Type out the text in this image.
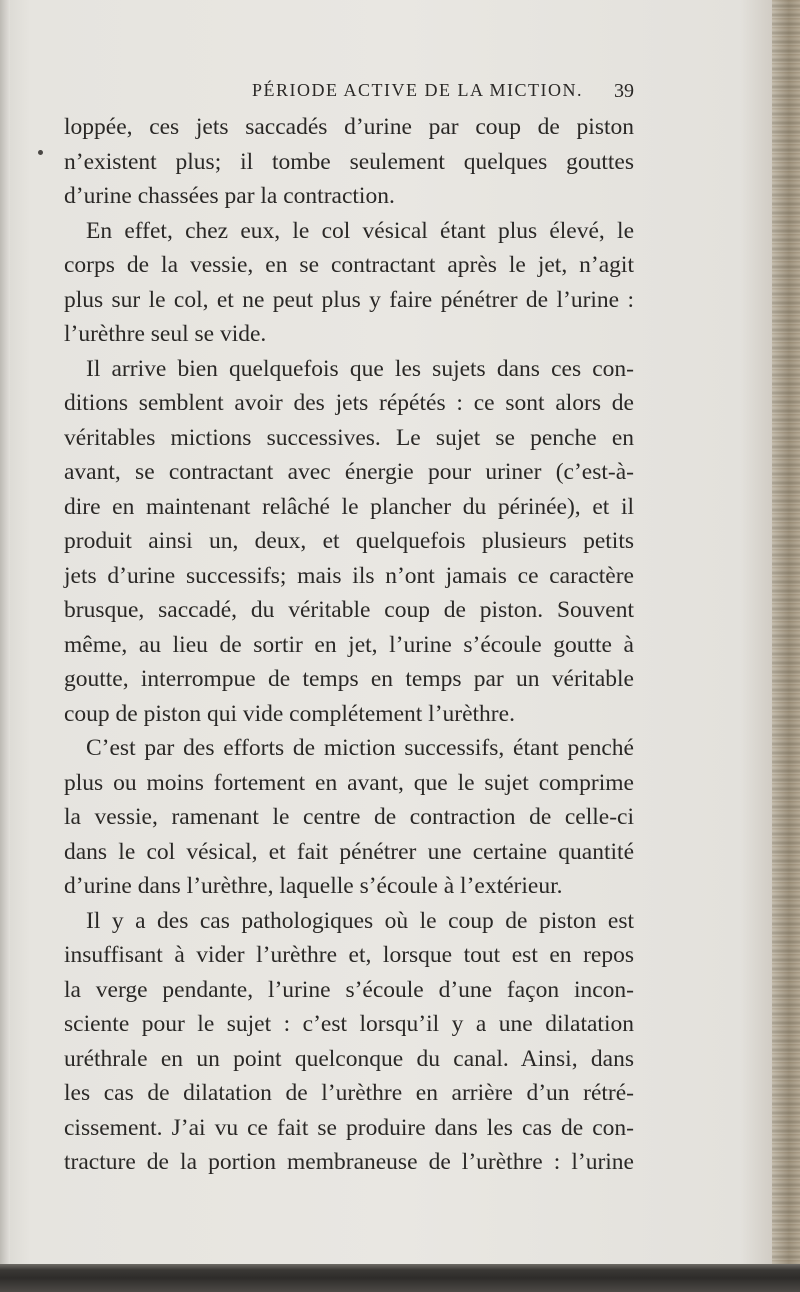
PÉRIODE ACTIVE DE LA MICTION. 39
loppée, ces jets saccadés d’urine par coup de piston
n’existent plus; il tombe seulement quelques gouttes
d’urine chassées par la contraction.
En effet, chez eux, le col vésical étant plus élevé, le
corps de la vessie, en se contractant après le jet, n’agit
plus sur le col, et ne peut plus y faire pénétrer de l’urine :
l’urèthre seul se vide.
Il arrive bien quelquefois que les sujets dans ces con-
ditions semblent avoir des jets répétés : ce sont alors de
véritables mictions successives. Le sujet se penche en
avant, se contractant avec énergie pour uriner (c’est-à-
dire en maintenant relâché le plancher du périnée), et il
produit ainsi un, deux, et quelquefois plusieurs petits
jets d’urine successifs; mais ils n’ont jamais ce caractère
brusque, saccadé, du véritable coup de piston. Souvent
même, au lieu de sortir en jet, l’urine s’écoule goutte à
goutte, interrompue de temps en temps par un véritable
coup de piston qui vide complétement l’urèthre.
C’est par des efforts de miction successifs, étant penché
plus ou moins fortement en avant, que le sujet comprime
la vessie, ramenant le centre de contraction de celle-ci
dans le col vésical, et fait pénétrer une certaine quantité
d’urine dans l’urèthre, laquelle s’écoule à l’extérieur.
Il y a des cas pathologiques où le coup de piston est
insuffisant à vider l’urèthre et, lorsque tout est en repos
la verge pendante, l’urine s’écoule d’une façon incon-
sciente pour le sujet : c’est lorsqu’il y a une dilatation
uréthrale en un point quelconque du canal. Ainsi, dans
les cas de dilatation de l’urèthre en arrière d’un rétré-
cissement. J’ai vu ce fait se produire dans les cas de con-
tracture de la portion membraneuse de l’urèthre : l’urine
